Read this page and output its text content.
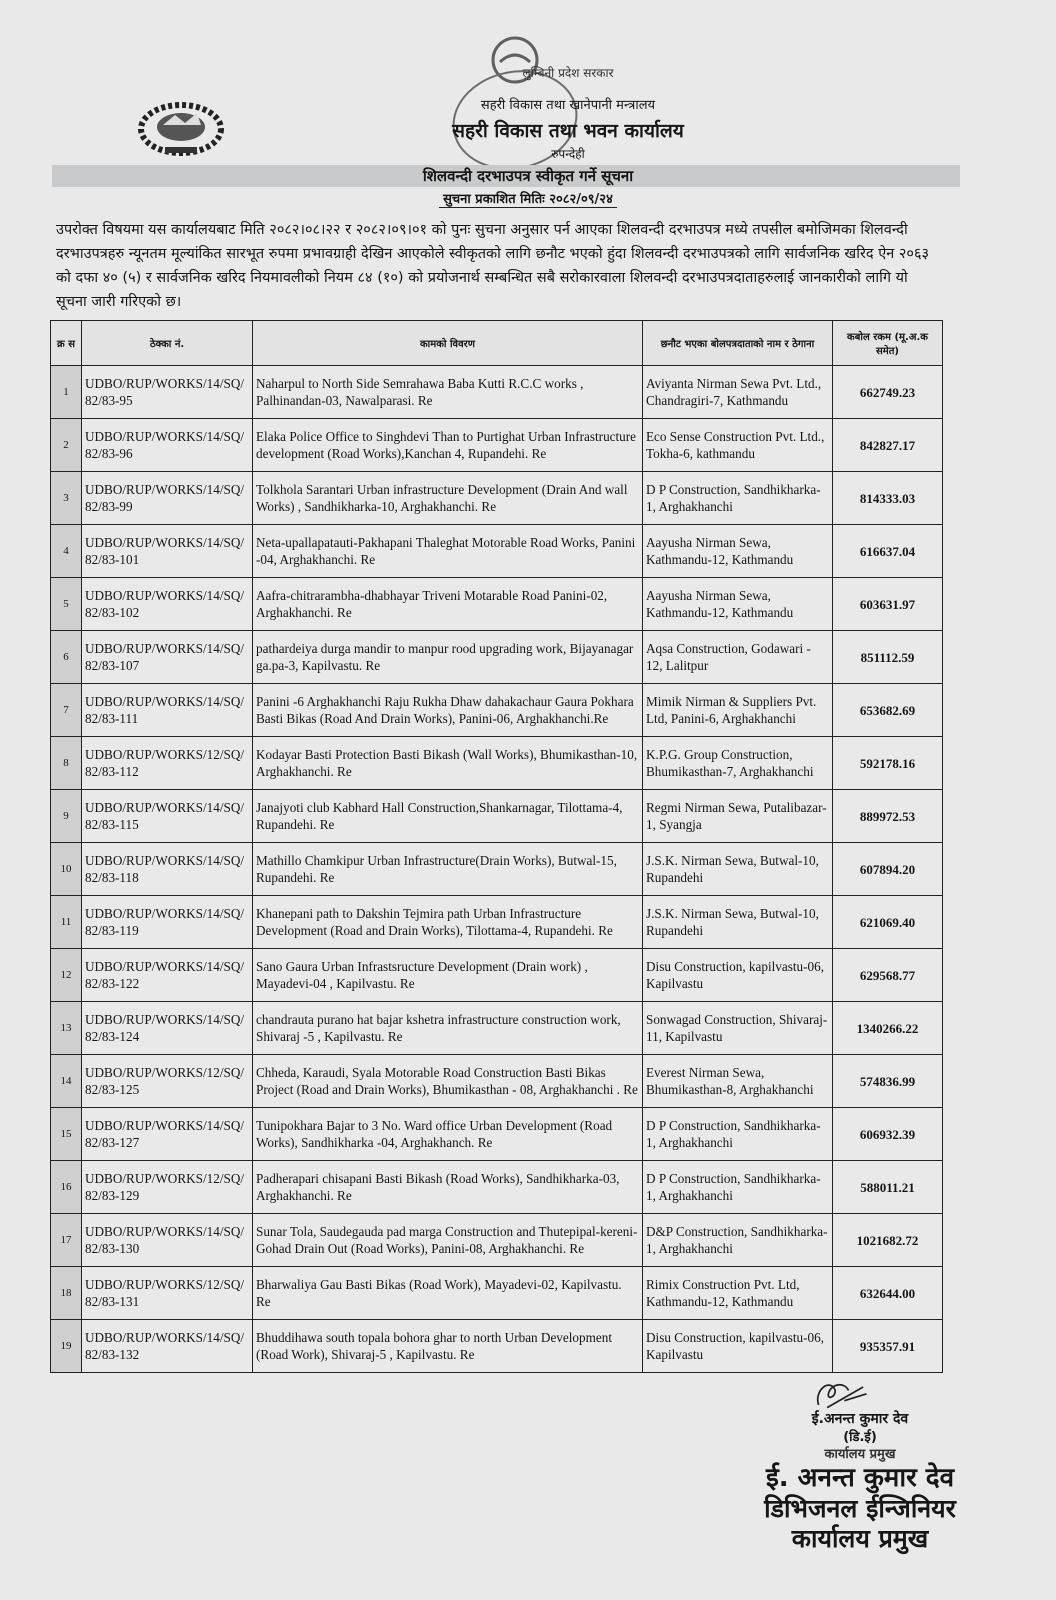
लुम्बिनी प्रदेश सरकार
सहरी विकास तथा खानेपानी मन्त्रालय
सहरी विकास तथा भवन कार्यालय
रुपन्देही
शिलवन्दी दरभाउपत्र स्वीकृत गर्ने सूचना
सुचना प्रकाशित मितिः २०८२/०९/२४
उपरोक्त विषयमा यस कार्यालयबाट मिति २०८२।०८।२२ र २०८२।०९।०१ को पुनः सुचना अनुसार पर्न आएका शिलवन्दी दरभाउपत्र मध्ये तपसील बमोजिमका शिलवन्दी दरभाउपत्रहरु न्यूनतम मूल्यांकित सारभूत रुपमा प्रभावग्राही देखिन आएकोले स्वीकृतको लागि छनौट भएको हुंदा शिलवन्दी दरभाउपत्रको लागि सार्वजनिक खरिद ऐन २०६३ को दफा ४० (५) र सार्वजनिक खरिद नियमावलीको नियम ८४ (१०) को प्रयोजनार्थ सम्बन्धित सबै सरोकारवाला शिलवन्दी दरभाउपत्रदाताहरुलाई जानकारीको लागि यो सूचना जारी गरिएको छ।
क्र स	ठेक्का नं.	कामको विवरण	छनौट भएका बोलपत्रदाताको नाम र ठेगाना	कबोल रकम (मू.अ.क समेत)
1	UDBO/RUP/WORKS/14/SQ/ 82/83-95	Naharpul to North Side Semrahawa Baba Kutti R.C.C works , Palhinandan-03, Nawalparasi. Re	Aviyanta Nirman Sewa Pvt. Ltd., Chandragiri-7, Kathmandu	662749.23
2	UDBO/RUP/WORKS/14/SQ/ 82/83-96	Elaka Police Office to Singhdevi Than to Purtighat Urban Infrastructure development (Road Works),Kanchan 4, Rupandehi. Re	Eco Sense Construction Pvt. Ltd., Tokha-6, kathmandu	842827.17
3	UDBO/RUP/WORKS/14/SQ/ 82/83-99	Tolkhola Sarantari Urban infrastructure Development (Drain And wall Works) , Sandhikharka-10, Arghakhanchi. Re	D P Construction, Sandhikharka-1, Arghakhanchi	814333.03
4	UDBO/RUP/WORKS/14/SQ/ 82/83-101	Neta-upallapatauti-Pakhapani Thaleghat Motorable Road Works, Panini -04, Arghakhanchi. Re	Aayusha Nirman Sewa, Kathmandu-12, Kathmandu	616637.04
5	UDBO/RUP/WORKS/14/SQ/ 82/83-102	Aafra-chitrarambha-dhabhayar Triveni Motarable Road Panini-02, Arghakhanchi. Re	Aayusha Nirman Sewa, Kathmandu-12, Kathmandu	603631.97
6	UDBO/RUP/WORKS/14/SQ/ 82/83-107	pathardeiya durga mandir to manpur rood upgrading work, Bijayanagar ga.pa-3, Kapilvastu. Re	Aqsa Construction, Godawari - 12, Lalitpur	851112.59
7	UDBO/RUP/WORKS/14/SQ/ 82/83-111	Panini -6 Arghakhanchi Raju Rukha Dhaw dahakachaur Gaura Pokhara Basti Bikas (Road And Drain Works), Panini-06, Arghakhanchi.Re	Mimik Nirman & Suppliers Pvt. Ltd, Panini-6, Arghakhanchi	653682.69
8	UDBO/RUP/WORKS/12/SQ/ 82/83-112	Kodayar Basti Protection Basti Bikash (Wall Works), Bhumikasthan-10, Arghakhanchi. Re	K.P.G. Group Construction, Bhumikasthan-7, Arghakhanchi	592178.16
9	UDBO/RUP/WORKS/14/SQ/ 82/83-115	Janajyoti club Kabhard Hall Construction,Shankarnagar, Tilottama-4, Rupandehi. Re	Regmi Nirman Sewa, Putalibazar-1, Syangja	889972.53
10	UDBO/RUP/WORKS/14/SQ/ 82/83-118	Mathillo Chamkipur Urban Infrastructure(Drain Works), Butwal-15, Rupandehi. Re	J.S.K. Nirman Sewa, Butwal-10, Rupandehi	607894.20
11	UDBO/RUP/WORKS/14/SQ/ 82/83-119	Khanepani path to Dakshin Tejmira path Urban Infrastructure Development (Road and Drain Works), Tilottama-4, Rupandehi. Re	J.S.K. Nirman Sewa, Butwal-10, Rupandehi	621069.40
12	UDBO/RUP/WORKS/14/SQ/ 82/83-122	Sano Gaura Urban Infrastsructure Development (Drain work) , Mayadevi-04 , Kapilvastu. Re	Disu Construction, kapilvastu-06, Kapilvastu	629568.77
13	UDBO/RUP/WORKS/14/SQ/ 82/83-124	chandrauta purano hat bajar kshetra infrastructure construction work, Shivaraj -5 , Kapilvastu. Re	Sonwagad Construction, Shivaraj-11, Kapilvastu	1340266.22
14	UDBO/RUP/WORKS/12/SQ/ 82/83-125	Chheda, Karaudi, Syala Motorable Road Construction Basti Bikas Project (Road and Drain Works), Bhumikasthan - 08, Arghakhanchi . Re	Everest Nirman Sewa, Bhumikasthan-8, Arghakhanchi	574836.99
15	UDBO/RUP/WORKS/14/SQ/ 82/83-127	Tunipokhara Bajar to 3 No. Ward office Urban Development (Road Works), Sandhikharka -04, Arghakhanch. Re	D P Construction, Sandhikharka-1, Arghakhanchi	606932.39
16	UDBO/RUP/WORKS/12/SQ/ 82/83-129	Padherapari chisapani Basti Bikash (Road Works), Sandhikharka-03, Arghakhanchi. Re	D P Construction, Sandhikharka-1, Arghakhanchi	588011.21
17	UDBO/RUP/WORKS/14/SQ/ 82/83-130	Sunar Tola, Saudegauda pad marga Construction and Thutepipal-kereni-Gohad Drain Out (Road Works), Panini-08, Arghakhanchi. Re	D&P Construction, Sandhikharka-1, Arghakhanchi	1021682.72
18	UDBO/RUP/WORKS/12/SQ/ 82/83-131	Bharwaliya Gau Basti Bikas (Road Work), Mayadevi-02, Kapilvastu. Re	Rimix Construction Pvt. Ltd, Kathmandu-12, Kathmandu	632644.00
19	UDBO/RUP/WORKS/14/SQ/ 82/83-132	Bhuddihawa south topala bohora ghar to north Urban Development (Road Work), Shivaraj-5 , Kapilvastu. Re	Disu Construction, kapilvastu-06, Kapilvastu	935357.91
ई.अनन्त कुमार देव
(डि.ई)
कार्यालय प्रमुख
ई. अनन्त कुमार देव
डिभिजनल ईन्जिनियर
कार्यालय प्रमुख
